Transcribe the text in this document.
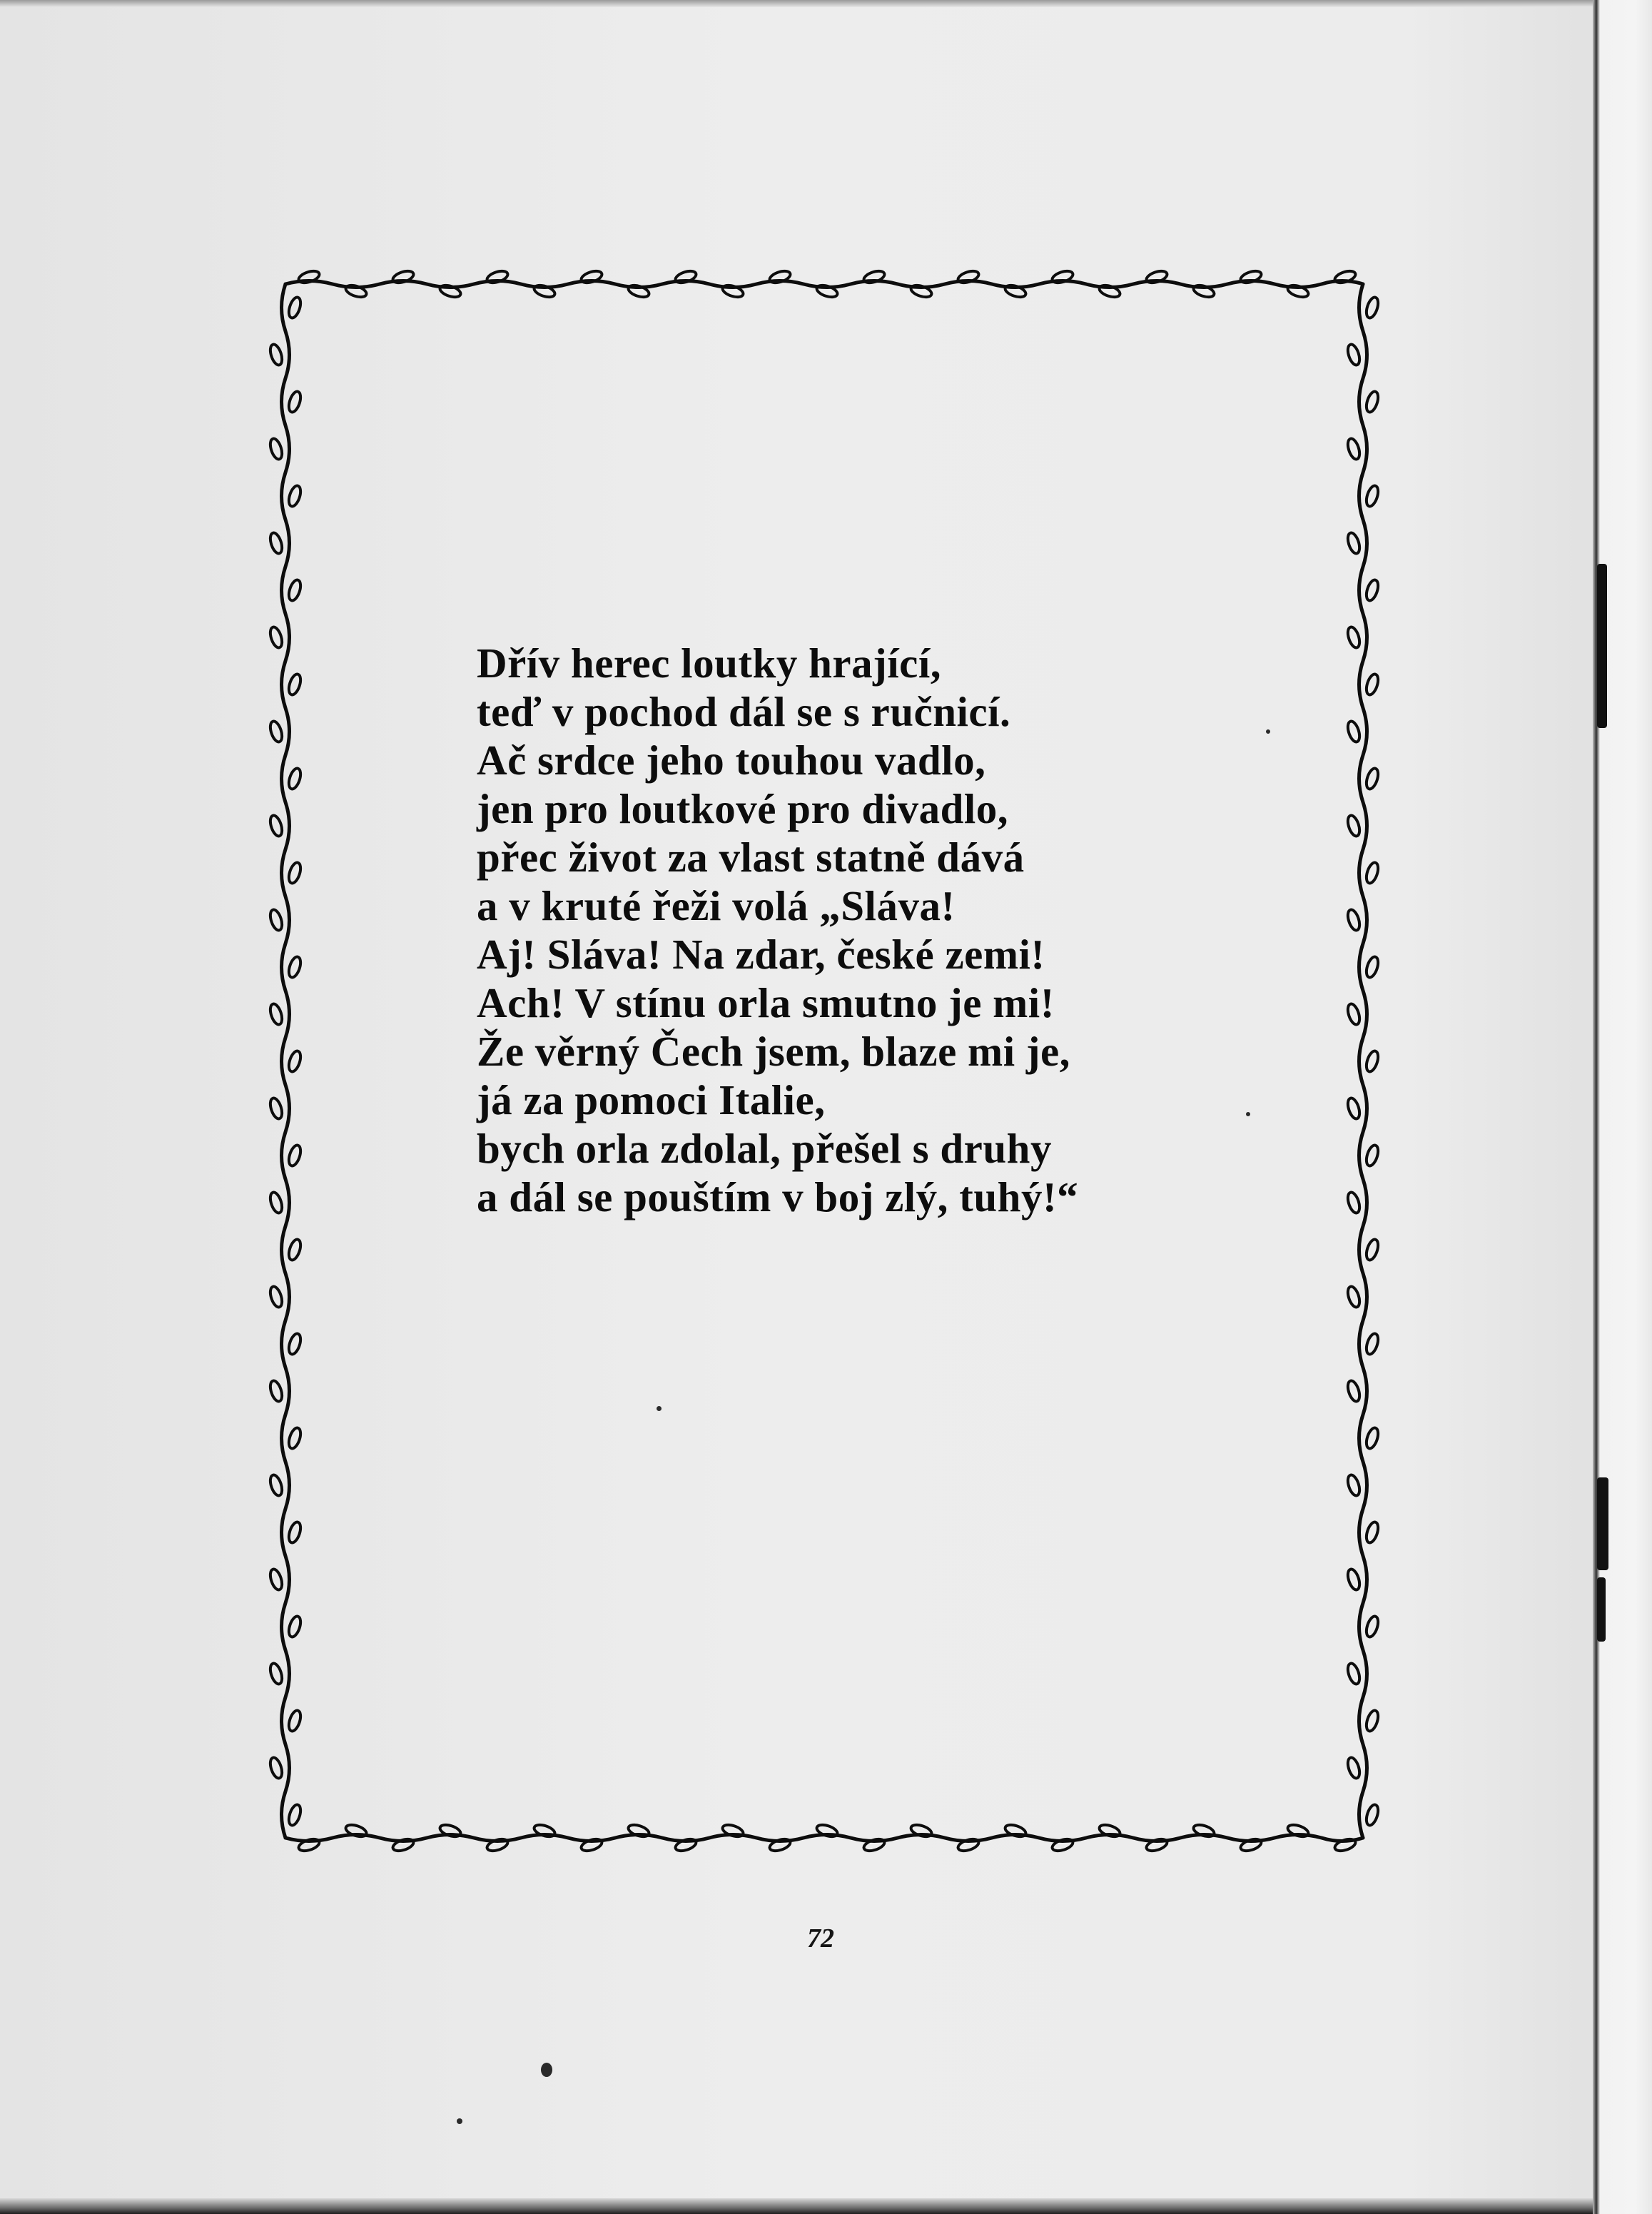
Dřív herec loutky hrající,
teď v pochod dál se s ručnicí.
Ač srdce jeho touhou vadlo,
jen pro loutkové pro divadlo,
přec život za vlast statně dává
a v kruté řeži volá „Sláva!
Aj! Sláva! Na zdar, české zemi!
Ach! V stínu orla smutno je mi!
Že věrný Čech jsem, blaze mi je,
já za pomoci Italie,
bych orla zdolal, přešel s druhy
a dál se pouštím v boj zlý, tuhý!“
72
